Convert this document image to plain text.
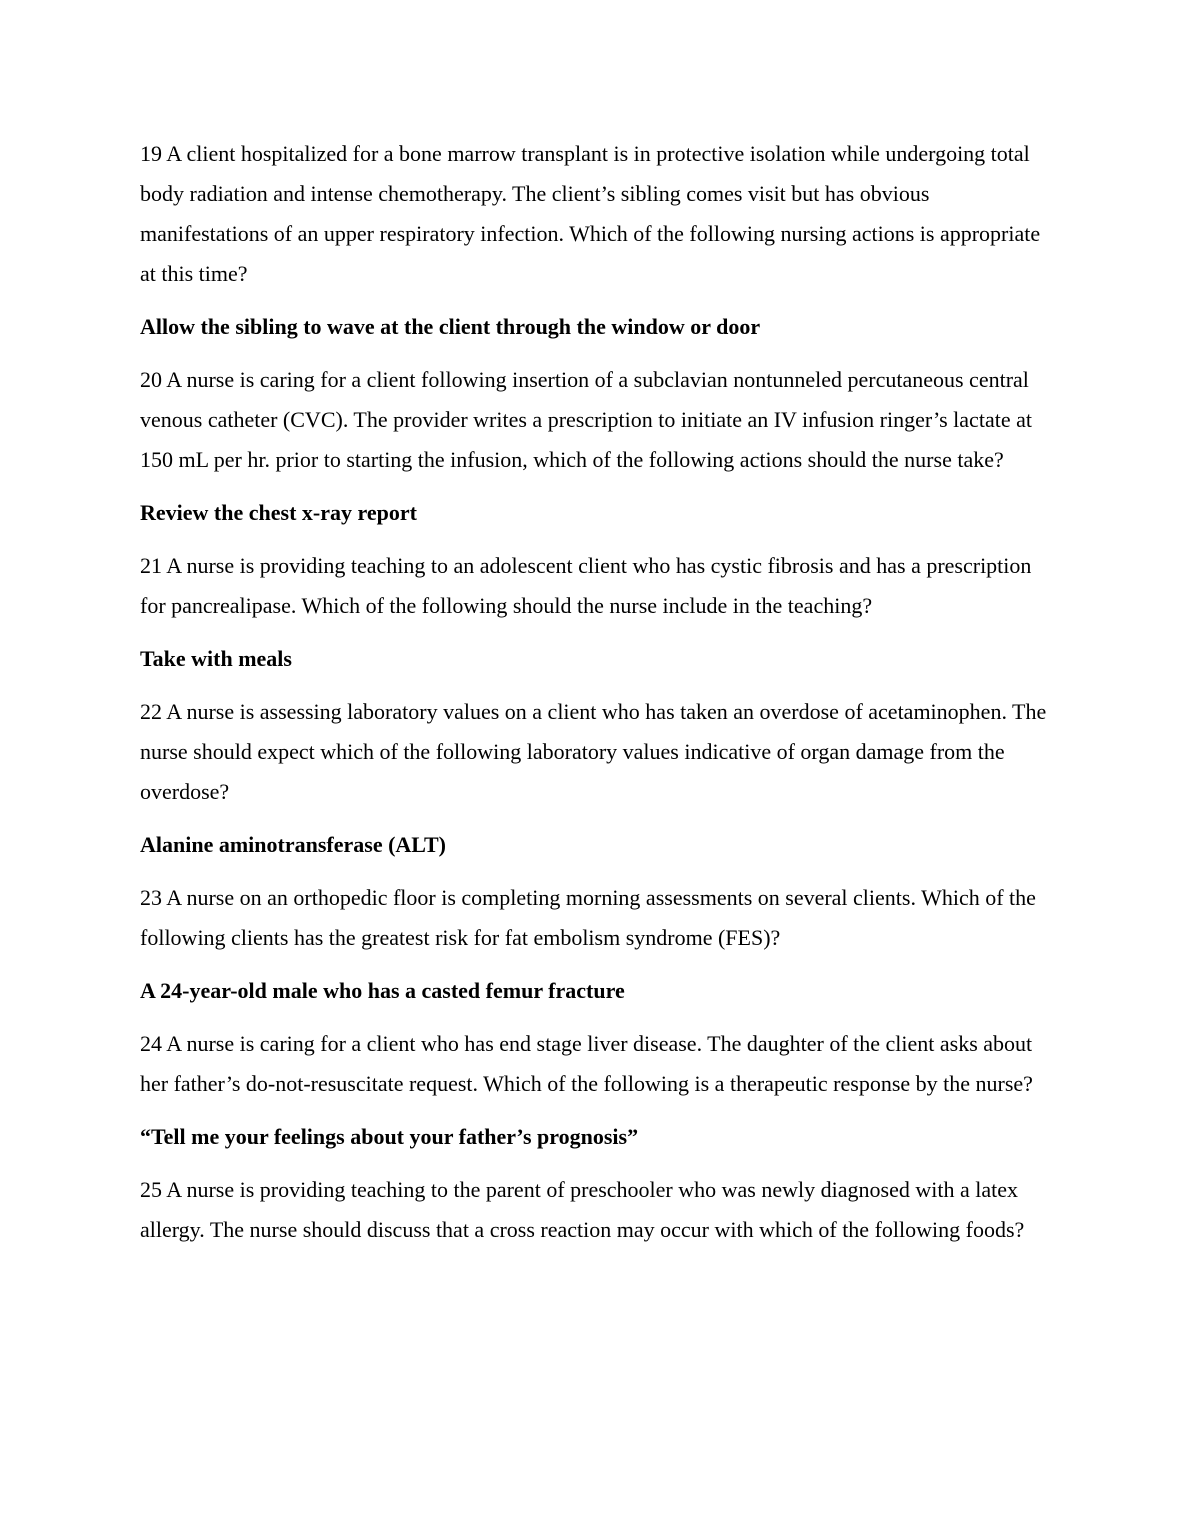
19 A client hospitalized for a bone marrow transplant is in protective isolation while undergoing total body radiation and intense chemotherapy. The client’s sibling comes visit but has obvious manifestations of an upper respiratory infection. Which of the following nursing actions is appropriate at this time?

Allow the sibling to wave at the client through the window or door

20 A nurse is caring for a client following insertion of a subclavian nontunneled percutaneous central venous catheter (CVC). The provider writes a prescription to initiate an IV infusion ringer’s lactate at 150 mL per hr. prior to starting the infusion, which of the following actions should the nurse take?

Review the chest x-ray report

21 A nurse is providing teaching to an adolescent client who has cystic fibrosis and has a prescription for pancrealipase. Which of the following should the nurse include in the teaching?

Take with meals

22 A nurse is assessing laboratory values on a client who has taken an overdose of acetaminophen. The nurse should expect which of the following laboratory values indicative of organ damage from the overdose?

Alanine aminotransferase (ALT)

23 A nurse on an orthopedic floor is completing morning assessments on several clients. Which of the following clients has the greatest risk for fat embolism syndrome (FES)?

A 24-year-old male who has a casted femur fracture

24 A nurse is caring for a client who has end stage liver disease. The daughter of the client asks about her father’s do-not-resuscitate request. Which of the following is a therapeutic response by the nurse?

“Tell me your feelings about your father’s prognosis”

25 A nurse is providing teaching to the parent of preschooler who was newly diagnosed with a latex allergy. The nurse should discuss that a cross reaction may occur with which of the following foods?
